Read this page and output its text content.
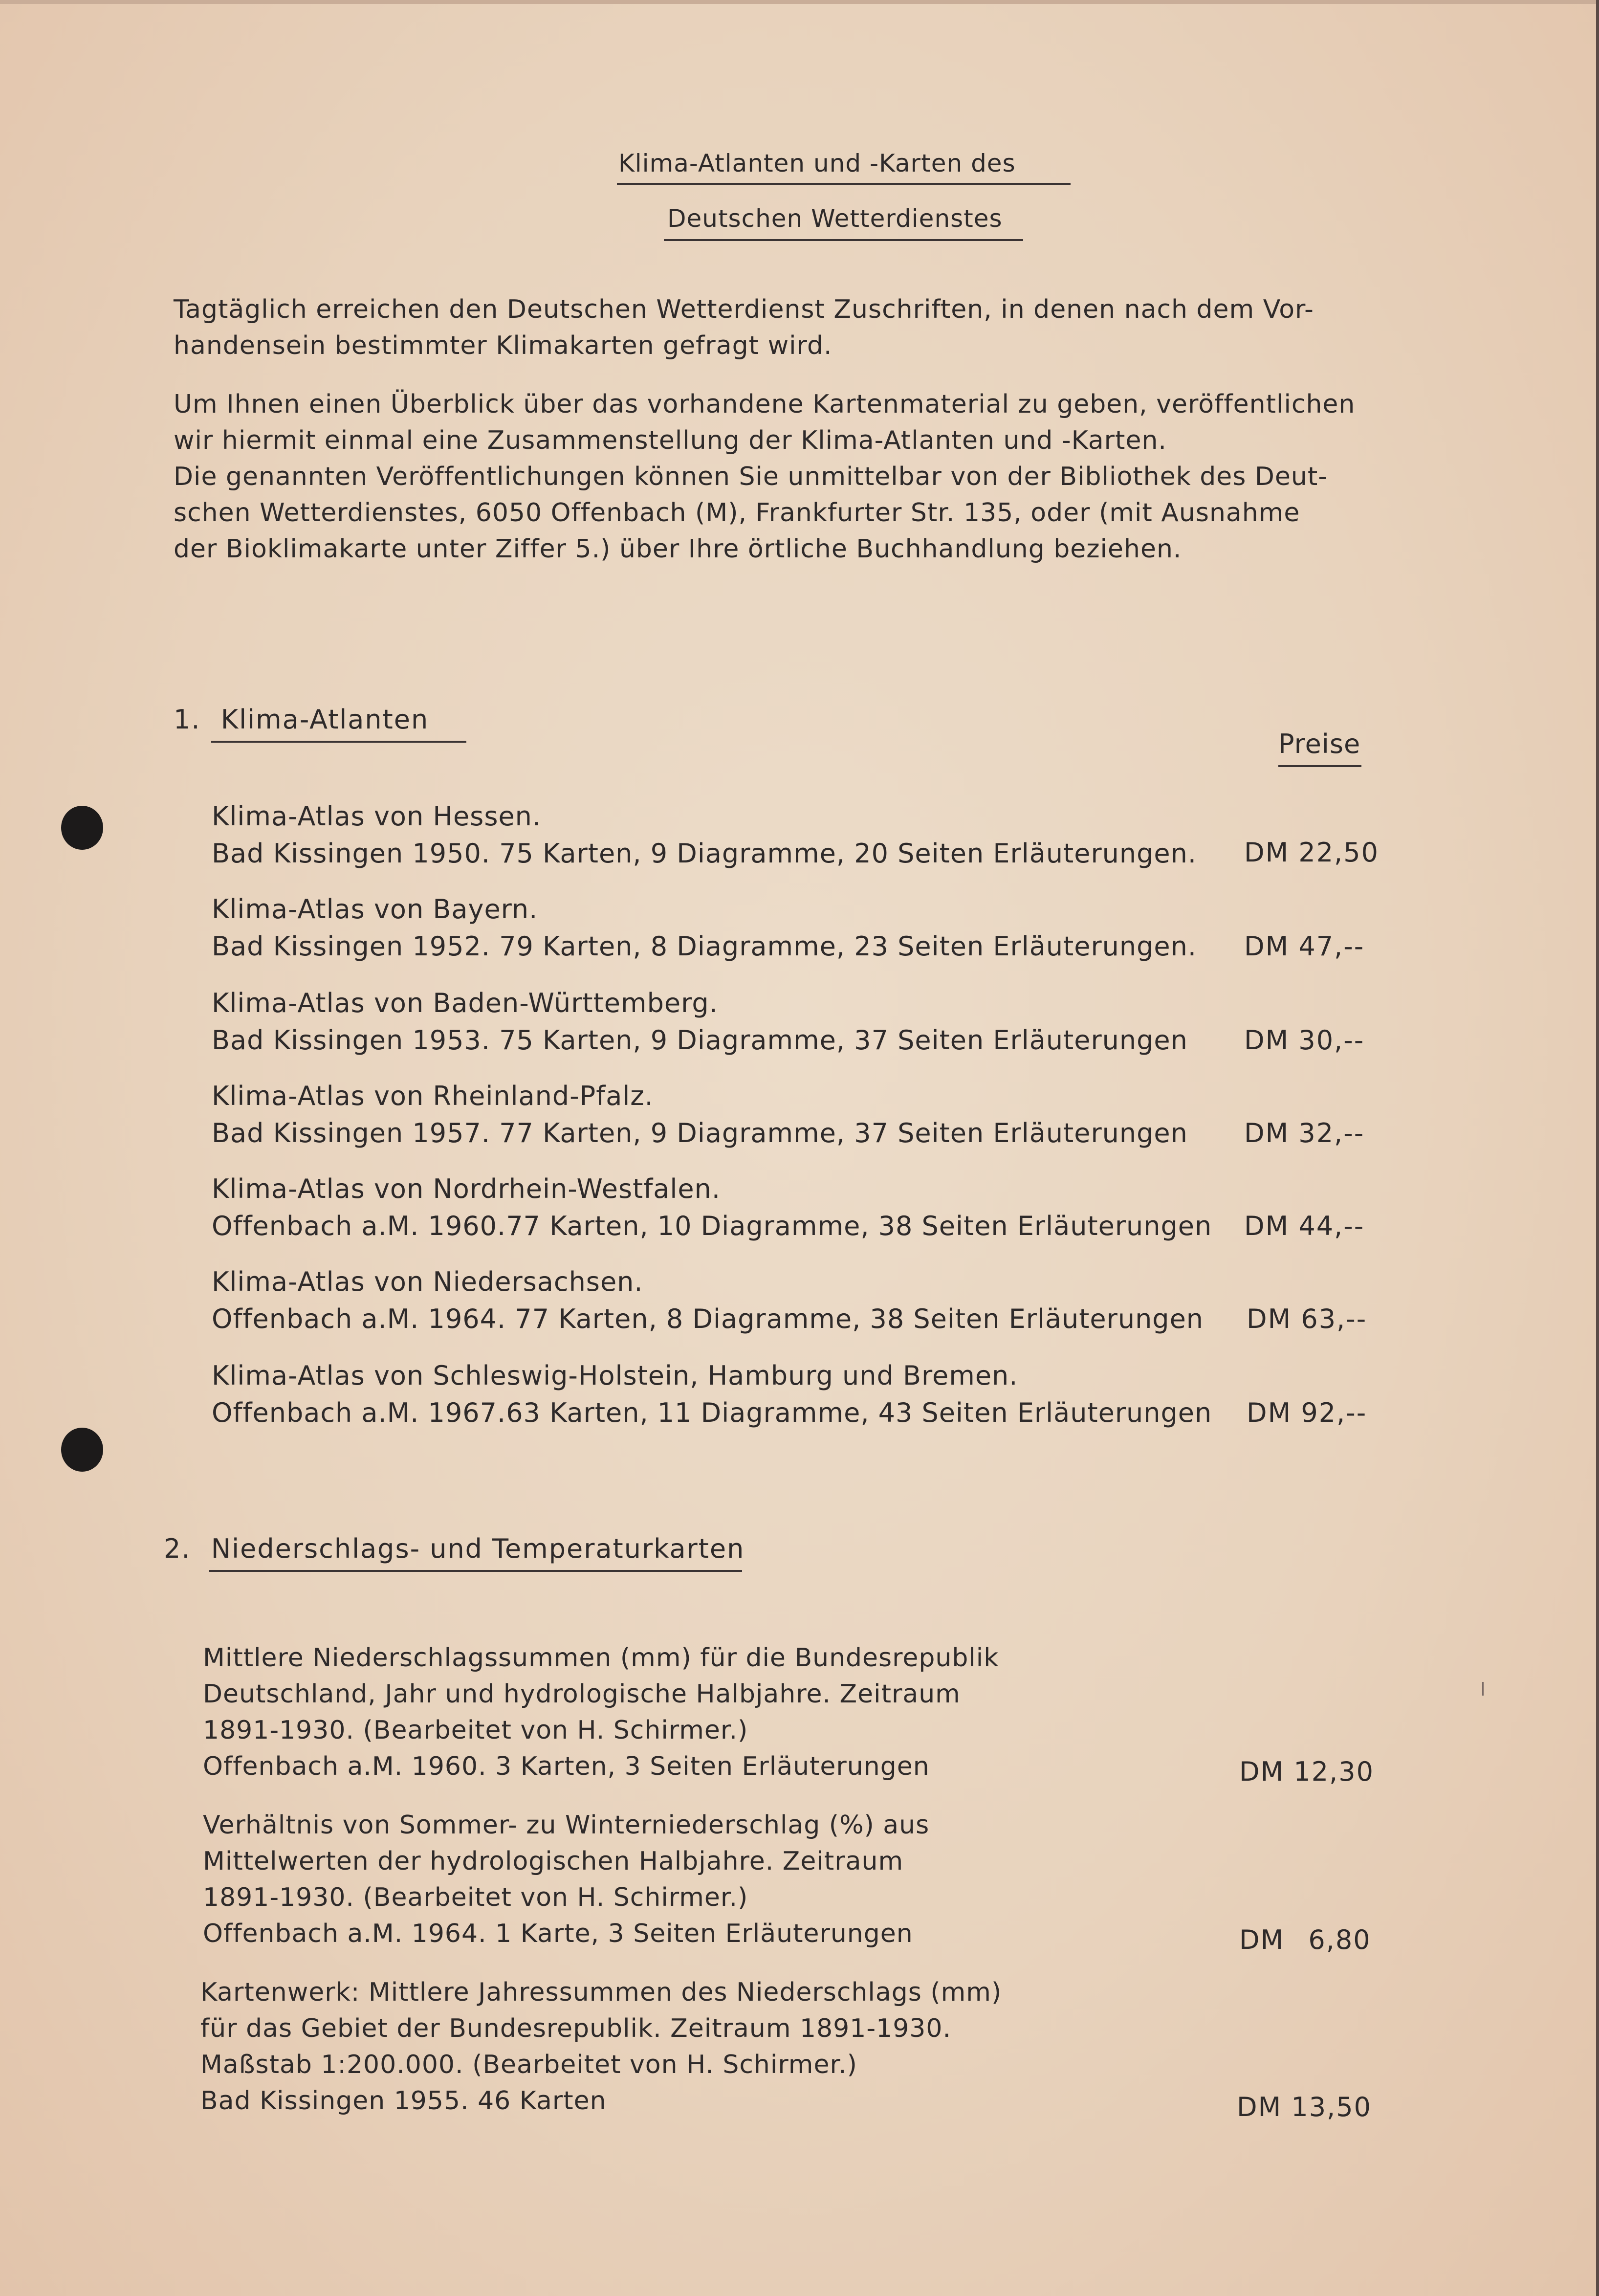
Klima-Atlanten und -Karten des
Deutschen Wetterdienstes

Tagtäglich erreichen den Deutschen Wetterdienst Zuschriften, in denen nach dem Vor-

handensein bestimmter Klimakarten gefragt wird.

Um Ihnen einen Überblick über das vorhandene Kartenmaterial zu geben, veröffentlichen

wir hiermit einmal eine Zusammenstellung der Klima-Atlanten und -Karten.

Die genannten Veröffentlichungen können Sie unmittelbar von der Bibliothek des Deut-

schen Wetterdienstes, 6050 Offenbach (M), Frankfurter Str. 135, oder (mit Ausnahme

der Bioklimakarte unter Ziffer 5.) über Ihre örtliche Buchhandlung beziehen.

1. Klima-Atlanten
Preise
Klima-Atlas von Hessen.
Bad Kissingen 1950. 75 Karten, 9 Diagramme, 20 Seiten Erläuterungen. DM 22,50
Klima-Atlas von Bayern.
Bad Kissingen 1952. 79 Karten, 8 Diagramme, 23 Seiten Erläuterungen. DM 47,--
Klima-Atlas von Baden-Württemberg.
Bad Kissingen 1953. 75 Karten, 9 Diagramme, 37 Seiten Erläuterungen DM 30,--
Klima-Atlas von Rheinland-Pfalz.
Bad Kissingen 1957. 77 Karten, 9 Diagramme, 37 Seiten Erläuterungen DM 32,--
Klima-Atlas von Nordrhein-Westfalen.
Offenbach a.M. 1960.77 Karten, 10 Diagramme, 38 Seiten Erläuterungen DM 44,--
Klima-Atlas von Niedersachsen.
Offenbach a.M. 1964. 77 Karten, 8 Diagramme, 38 Seiten Erläuterungen DM 63,--
Klima-Atlas von Schleswig-Holstein, Hamburg und Bremen.
Offenbach a.M. 1967.63 Karten, 11 Diagramme, 43 Seiten Erläuterungen DM 92,--
2. Niederschlags- und Temperaturkarten
Mittlere Niederschlagssummen (mm) für die Bundesrepublik
Deutschland, Jahr und hydrologische Halbjahre. Zeitraum
1891-1930. (Bearbeitet von H. Schirmer.)
Offenbach a.M. 1960. 3 Karten, 3 Seiten Erläuterungen	DM 12,30
Verhältnis von Sommer- zu Winterniederschlag (%) aus
Mittelwerten der hydrologischen Halbjahre. Zeitraum
1891-1930. (Bearbeitet von H. Schirmer.)
Offenbach a.M. 1964. 1 Karte, 3 Seiten Erläuterungen	DM 6,80
Kartenwerk: Mittlere Jahressummen des Niederschlags (mm)
für das Gebiet der Bundesrepublik. Zeitraum 1891-1930.
Maßstab 1:200.000. (Bearbeitet von H. Schirmer.)
Bad Kissingen 1955. 46 Karten	DM 13,50
